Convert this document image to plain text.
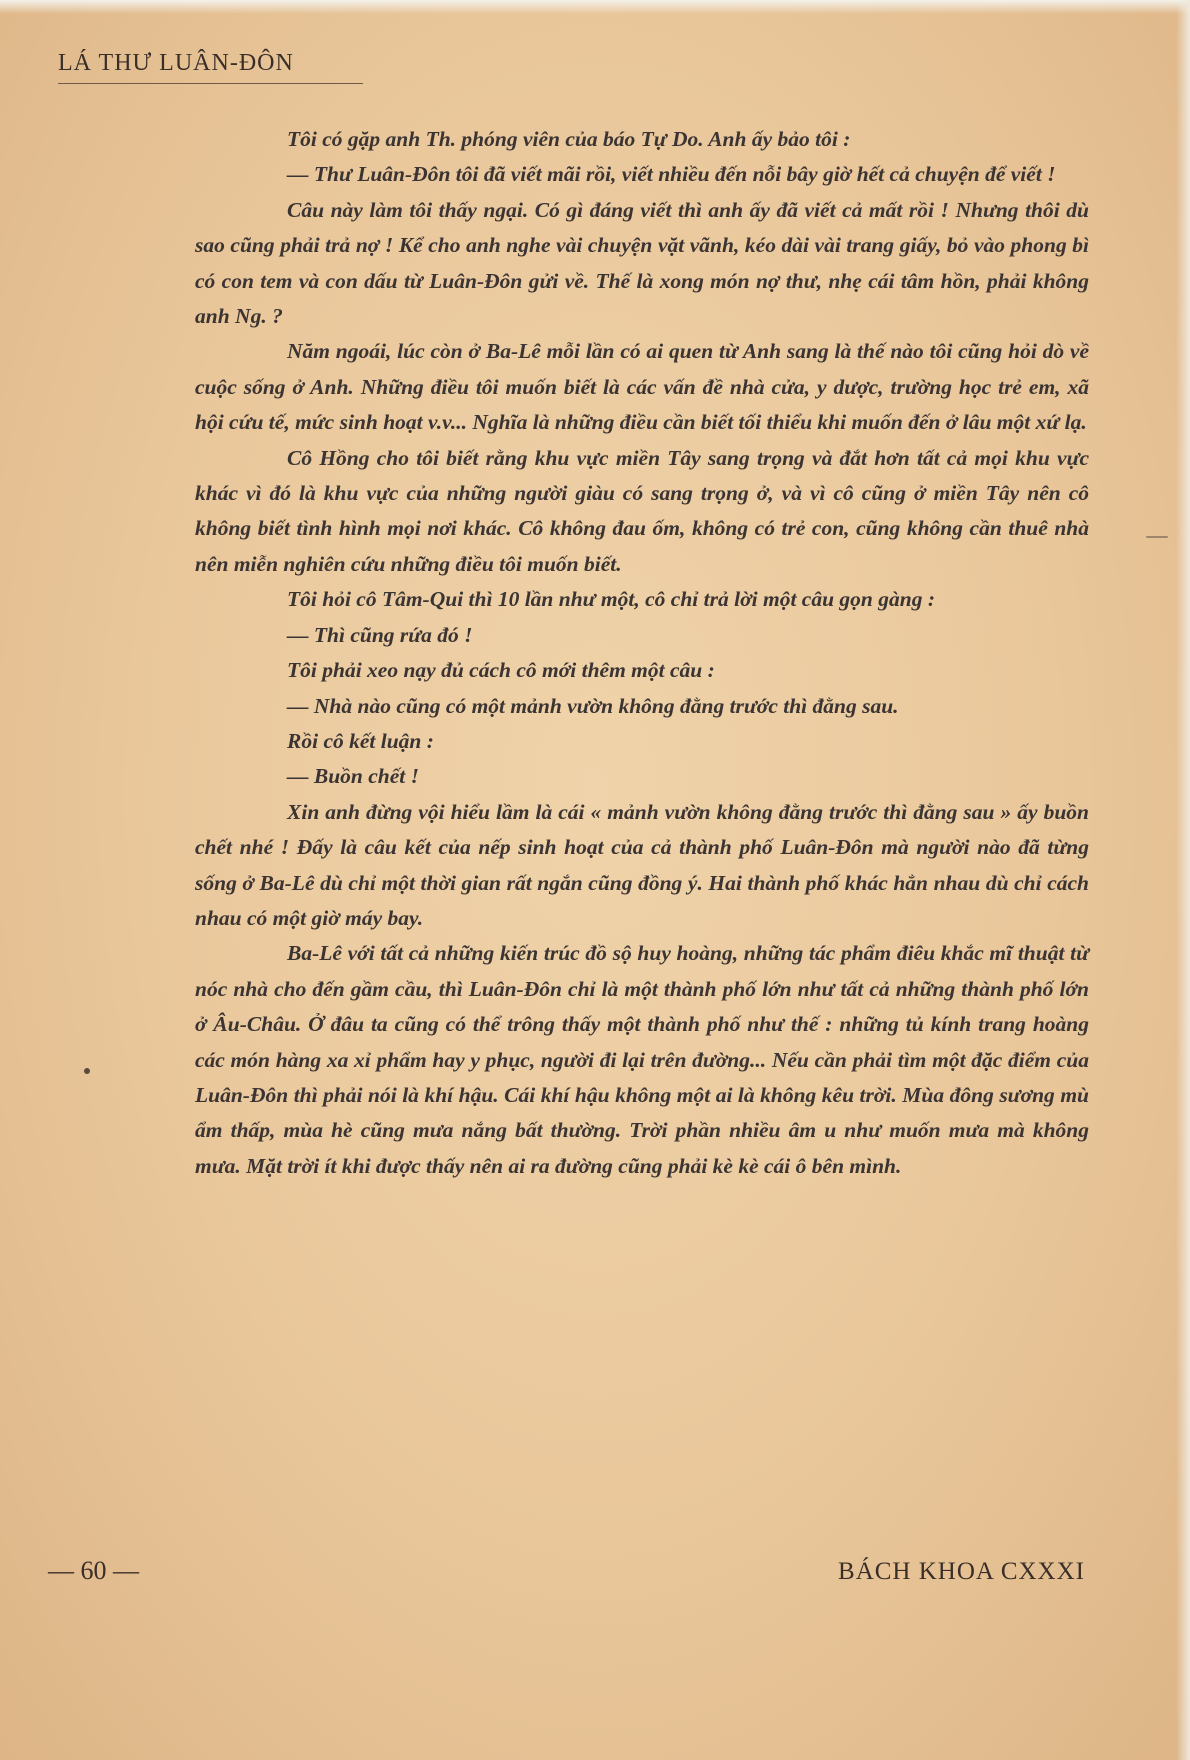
LÁ THƯ LUÂN-ĐÔN

Tôi có gặp anh Th. phóng viên của báo Tự Do. Anh ấy bảo tôi :

— Thư Luân-Đôn tôi đã viết mãi rồi, viết nhiều đến nỗi bây giờ hết cả chuyện để viết !

Câu này làm tôi thấy ngại. Có gì đáng viết thì anh ấy đã viết cả mất rồi ! Nhưng thôi dù sao cũng phải trả nợ ! Kể cho anh nghe vài chuyện vặt vãnh, kéo dài vài trang giấy, bỏ vào phong bì có con tem và con dấu từ Luân-Đôn gửi về. Thế là xong món nợ thư, nhẹ cái tâm hồn, phải không anh Ng. ?

Năm ngoái, lúc còn ở Ba-Lê mỗi lần có ai quen từ Anh sang là thế nào tôi cũng hỏi dò về cuộc sống ở Anh. Những điều tôi muốn biết là các vấn đề nhà cửa, y dược, trường học trẻ em, xã hội cứu tế, mức sinh hoạt v.v... Nghĩa là những điều cần biết tối thiểu khi muốn đến ở lâu một xứ lạ.

Cô Hồng cho tôi biết rằng khu vực miền Tây sang trọng và đắt hơn tất cả mọi khu vực khác vì đó là khu vực của những người giàu có sang trọng ở, và vì cô cũng ở miền Tây nên cô không biết tình hình mọi nơi khác. Cô không đau ốm, không có trẻ con, cũng không cần thuê nhà nên miễn nghiên cứu những điều tôi muốn biết.

Tôi hỏi cô Tâm-Qui thì 10 lần như một, cô chỉ trả lời một câu gọn gàng :

— Thì cũng rứa đó !

Tôi phải xeo nạy đủ cách cô mới thêm một câu :

— Nhà nào cũng có một mảnh vườn không đằng trước thì đằng sau.

Rồi cô kết luận :

— Buồn chết !

Xin anh đừng vội hiểu lầm là cái « mảnh vườn không đằng trước thì đằng sau » ấy buồn chết nhé ! Đấy là câu kết của nếp sinh hoạt của cả thành phố Luân-Đôn mà người nào đã từng sống ở Ba-Lê dù chỉ một thời gian rất ngắn cũng đồng ý. Hai thành phố khác hẳn nhau dù chỉ cách nhau có một giờ máy bay.

Ba-Lê với tất cả những kiến trúc đồ sộ huy hoàng, những tác phẩm điêu khắc mĩ thuật từ nóc nhà cho đến gầm cầu, thì Luân-Đôn chỉ là một thành phố lớn như tất cả những thành phố lớn ở Âu-Châu. Ở đâu ta cũng có thể trông thấy một thành phố như thế : những tủ kính trang hoàng các món hàng xa xỉ phẩm hay y phục, người đi lại trên đường... Nếu cần phải tìm một đặc điểm của Luân-Đôn thì phải nói là khí hậu. Cái khí hậu không một ai là không kêu trời. Mùa đông sương mù ẩm thấp, mùa hè cũng mưa nắng bất thường. Trời phần nhiều âm u như muốn mưa mà không mưa. Mặt trời ít khi được thấy nên ai ra đường cũng phải kè kè cái ô bên mình.

— 60 —	BÁCH KHOA CXXXI
